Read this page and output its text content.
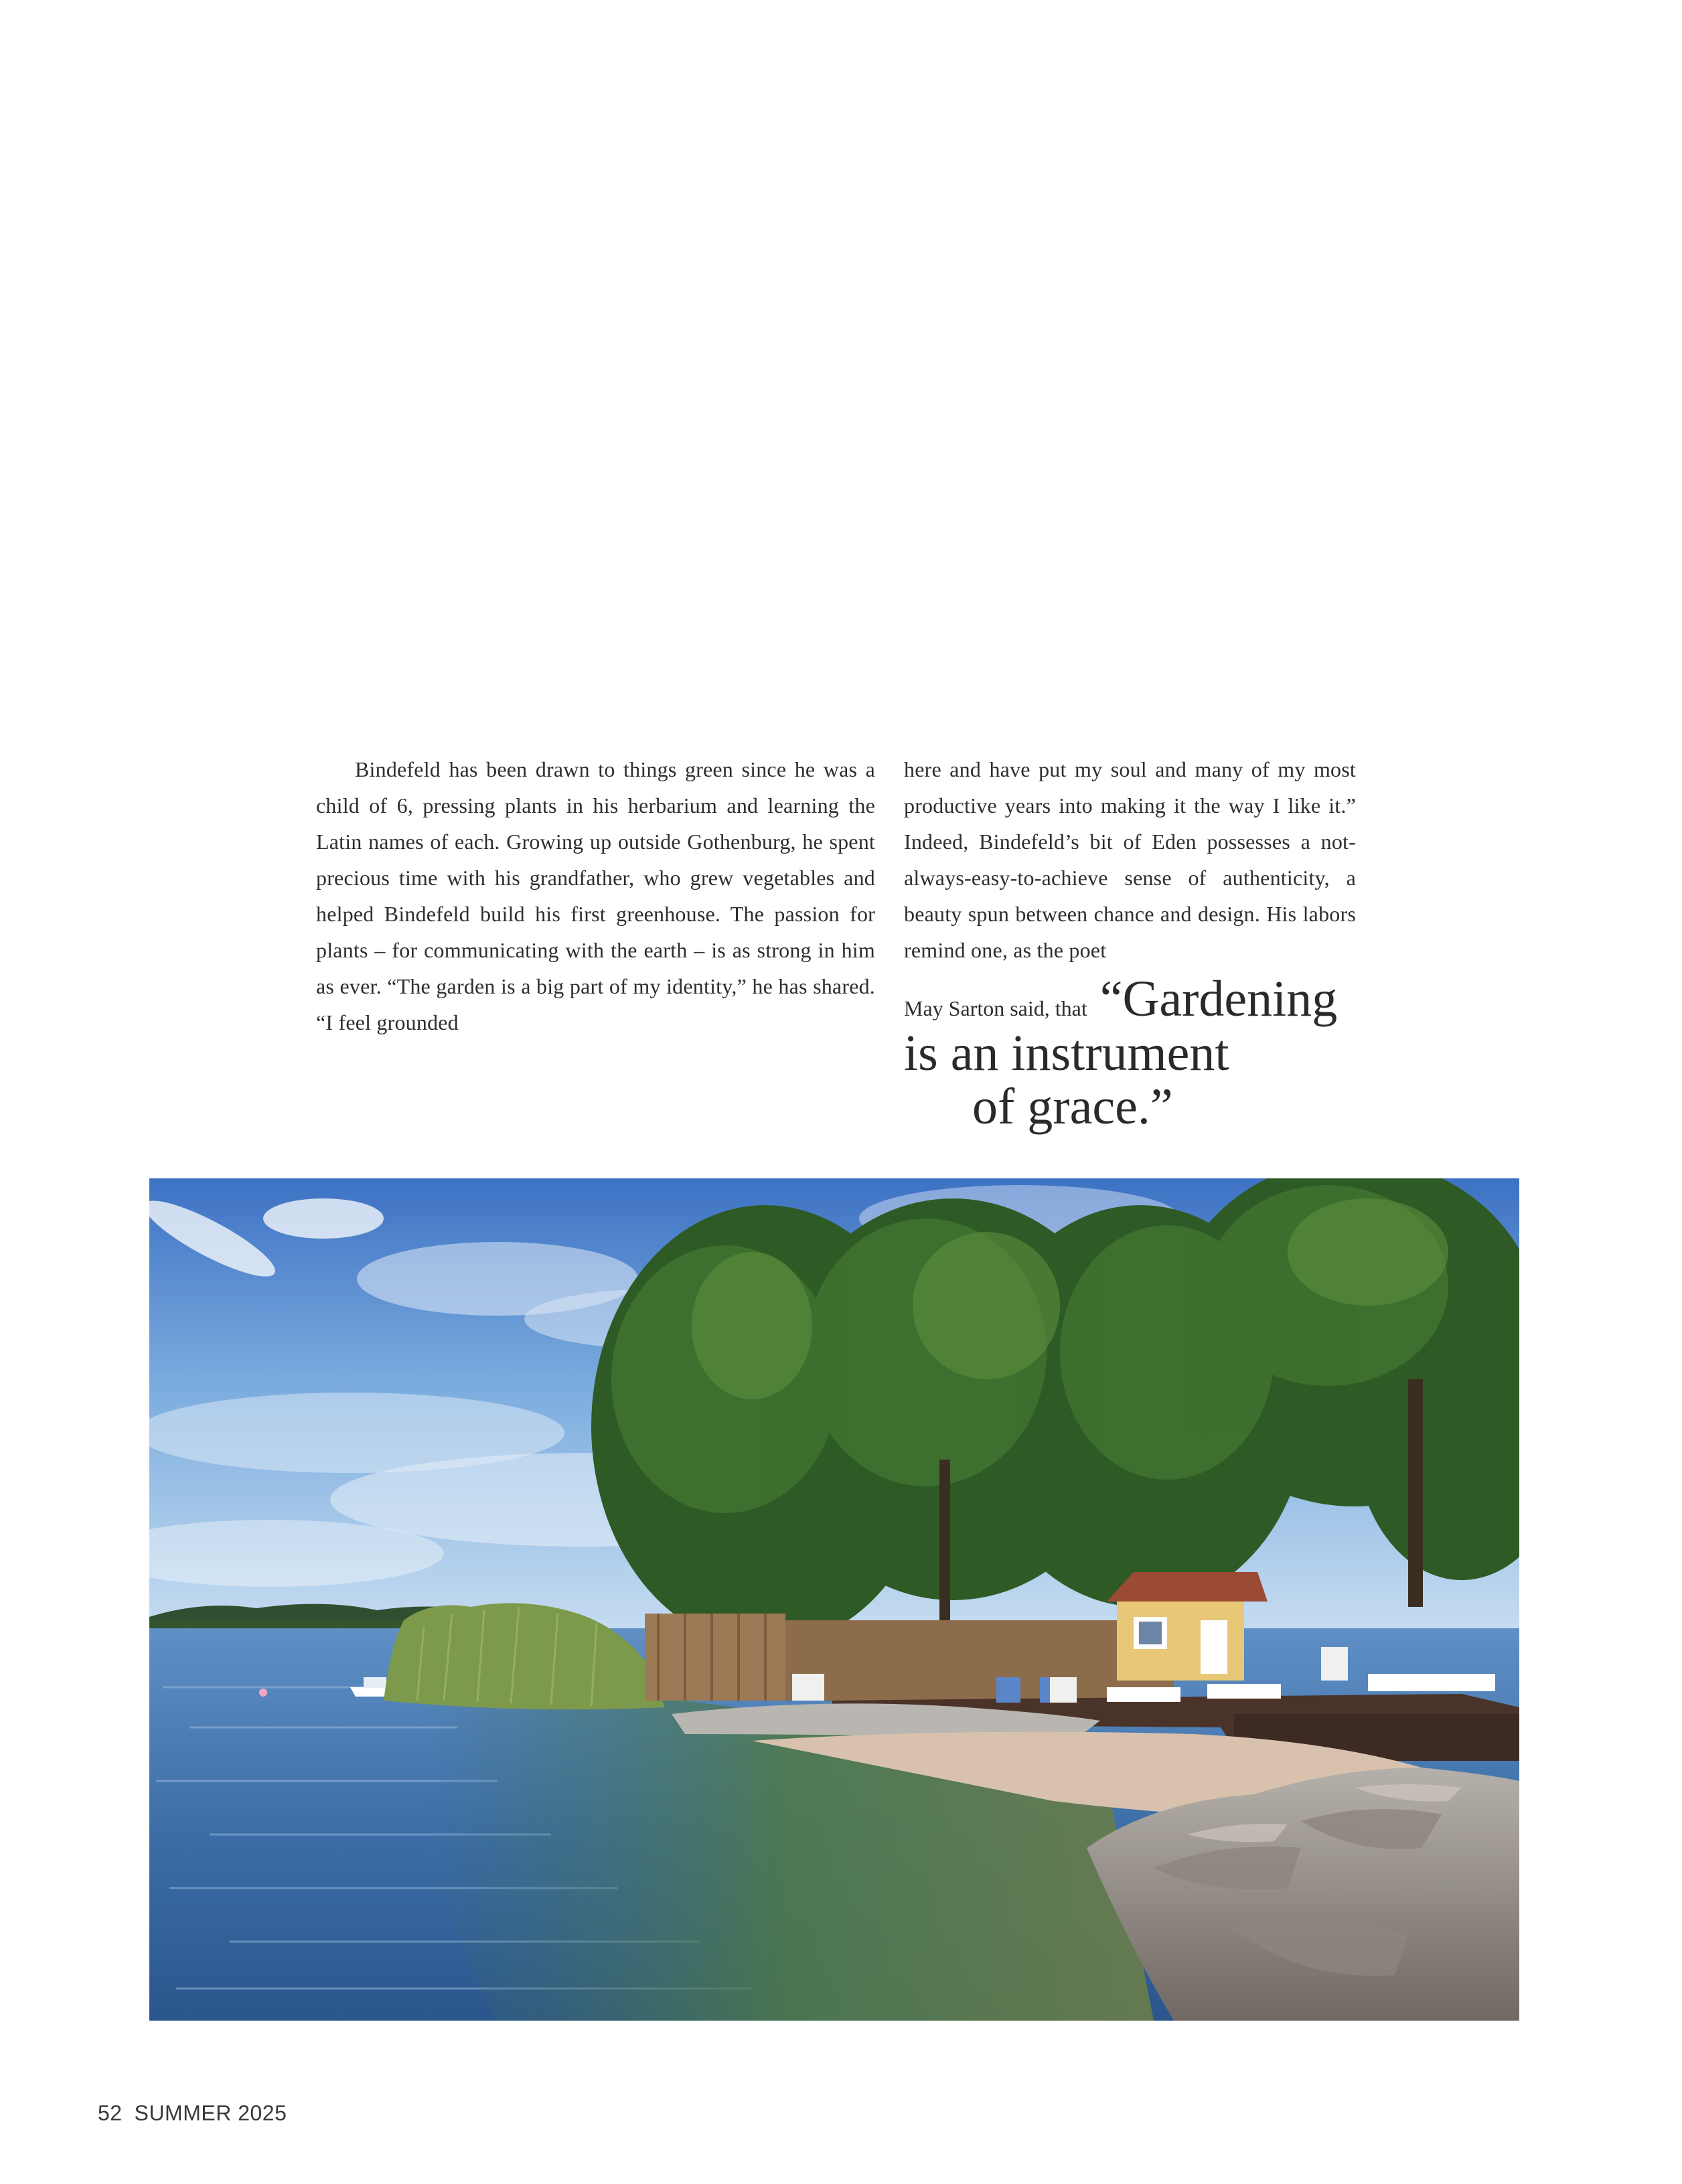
Bindefeld has been drawn to things green since he was a child of 6, pressing plants in his herbarium and learning the Latin names of each. Growing up outside Gothenburg, he spent precious time with his grandfather, who grew vegetables and helped Bindefeld build his first greenhouse. The passion for plants – for communicating with the earth – is as strong in him as ever. “The garden is a big part of my identity,” he has shared. “I feel grounded

here and have put my soul and many of my most productive years into making it the way I like it.” Indeed, Bindefeld’s bit of Eden possesses a not-always-easy-to-achieve sense of authenticity, a beauty spun between chance and design. His labors remind one, as the poet

May Sarton said, that “Gardening
is an instrument
of grace.”
52 SUMMER 2025
